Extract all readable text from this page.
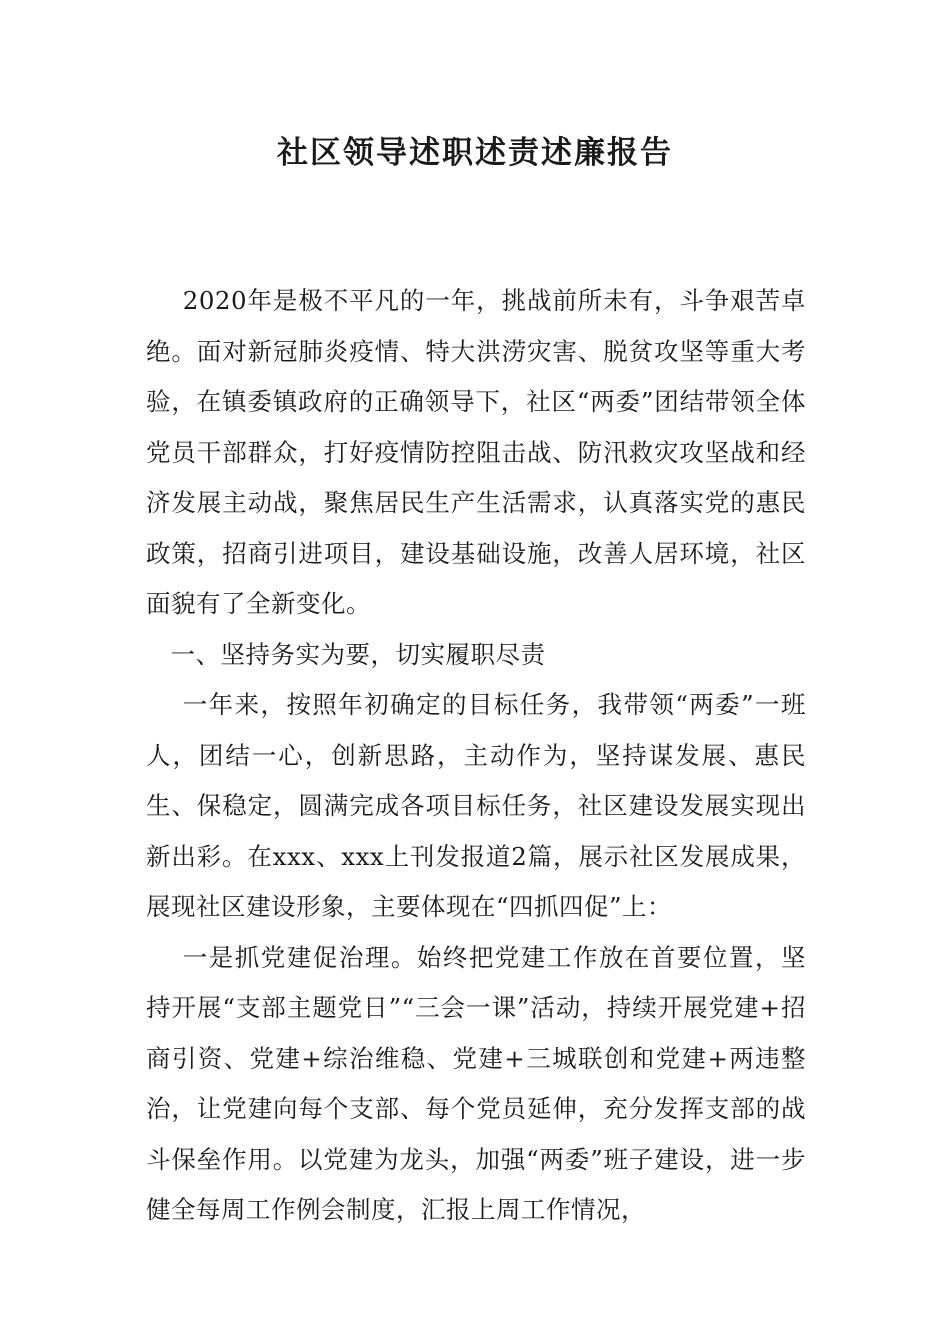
社区领导述职述责述廉报告

2020年是极不平凡的一年，挑战前所未有，斗争艰苦卓绝。面对新冠肺炎疫情、特大洪涝灾害、脱贫攻坚等重大考验，在镇委镇政府的正确领导下，社区“两委”团结带领全体党员干部群众，打好疫情防控阻击战、防汛救灾攻坚战和经济发展主动战，聚焦居民生产生活需求，认真落实党的惠民政策，招商引进项目，建设基础设施，改善人居环境，社区面貌有了全新变化。

一、坚持务实为要，切实履职尽责

一年来，按照年初确定的目标任务，我带领“两委”一班人，团结一心，创新思路，主动作为，坚持谋发展、惠民生、保稳定，圆满完成各项目标任务，社区建设发展实现出新出彩。在xxx、xxx上刊发报道2篇，展示社区发展成果，展现社区建设形象，主要体现在“四抓四促”上：

一是抓党建促治理。始终把党建工作放在首要位置，坚持开展“支部主题党日”“三会一课”活动，持续开展党建+招商引资、党建+综治维稳、党建+三城联创和党建+两违整治，让党建向每个支部、每个党员延伸，充分发挥支部的战斗保垒作用。以党建为龙头，加强“两委”班子建设，进一步健全每周工作例会制度，汇报上周工作情况，
